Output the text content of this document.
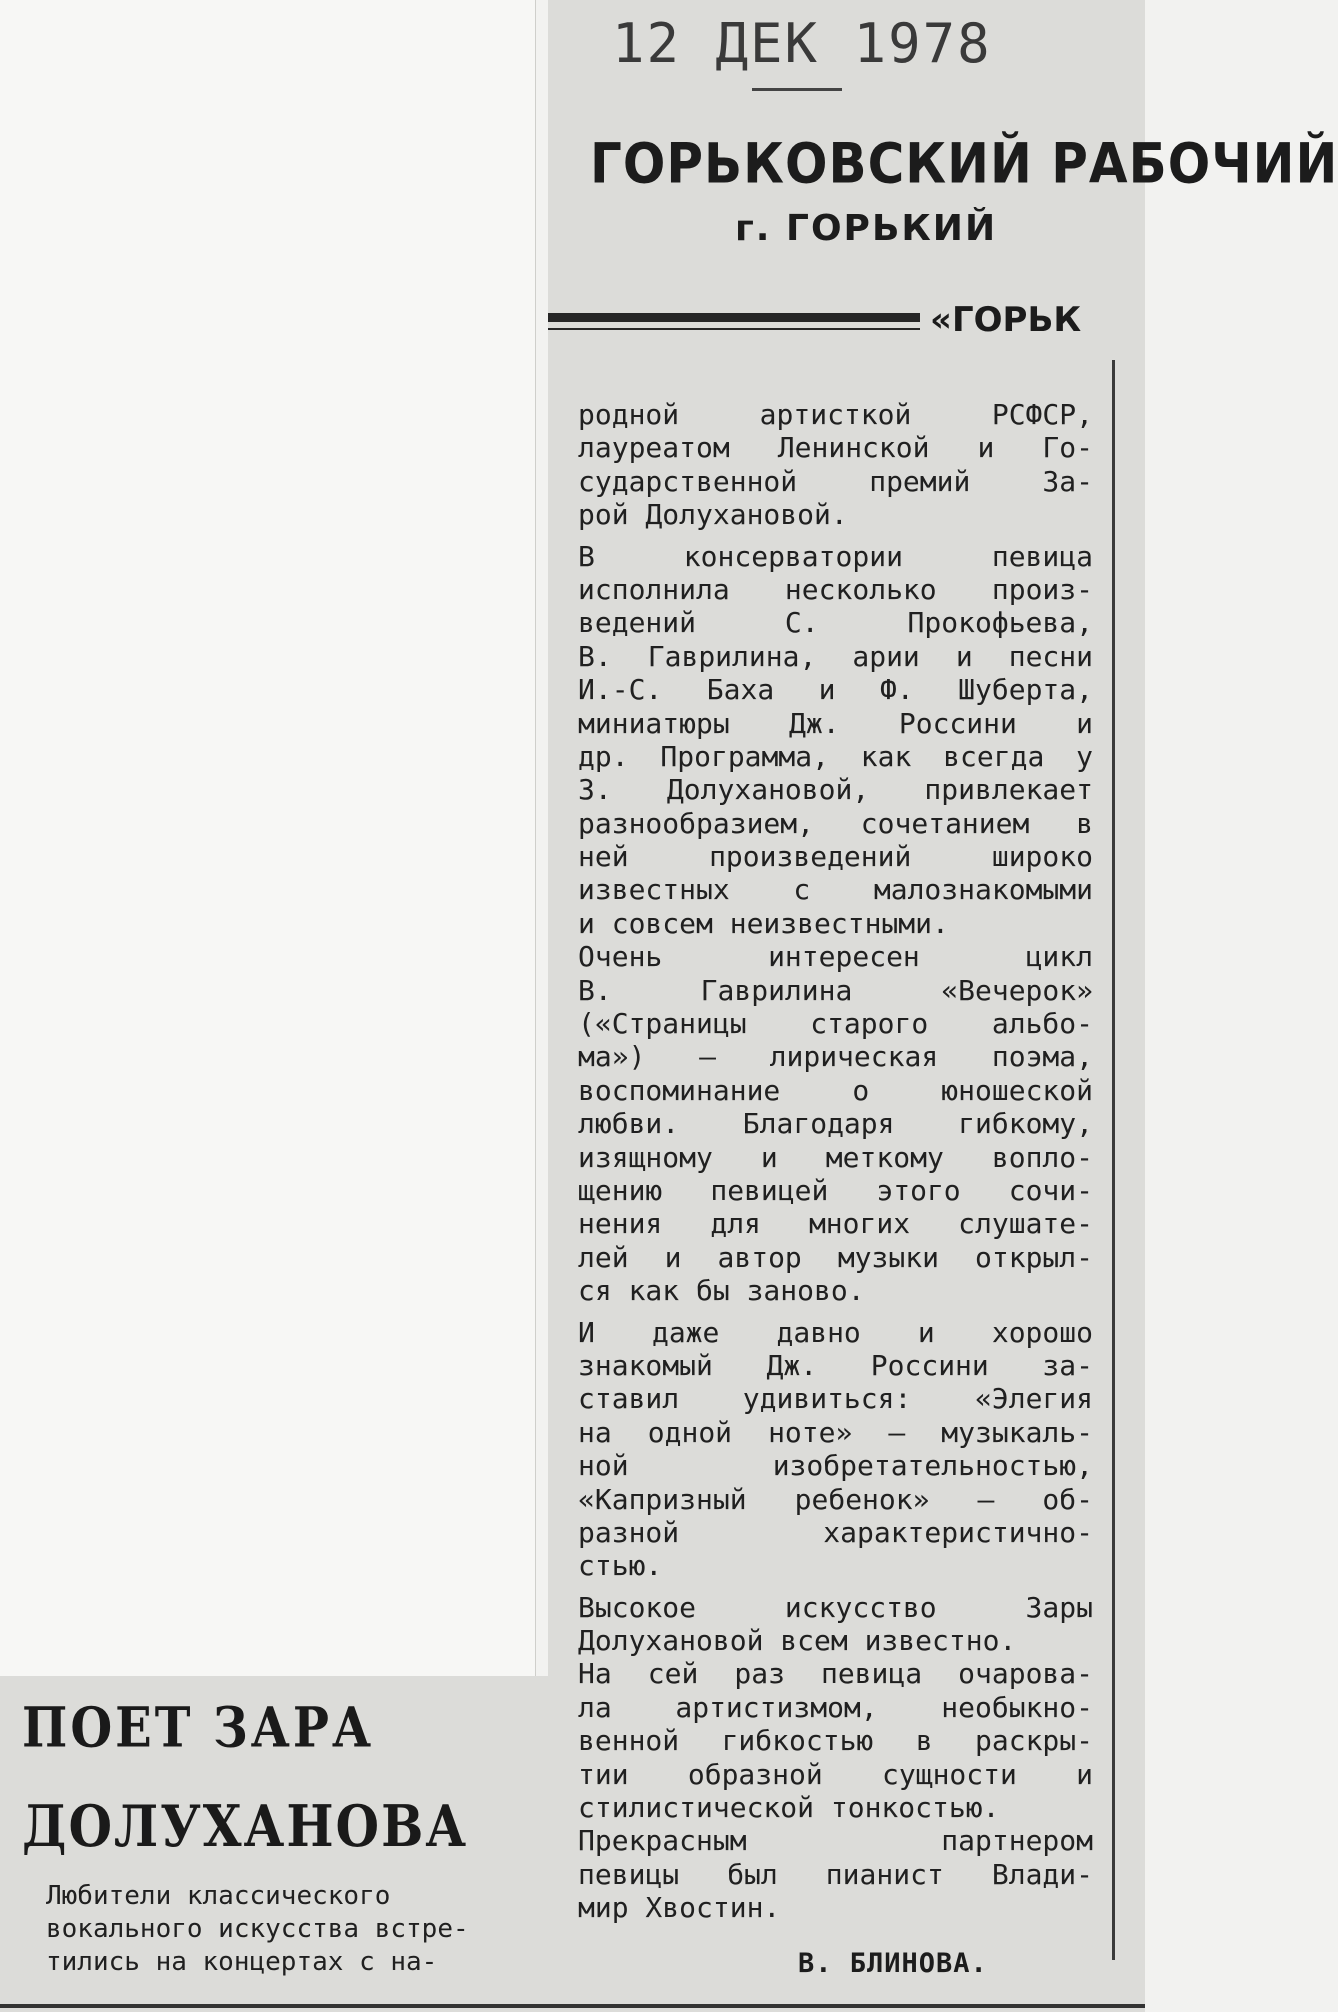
12 ДЕК 1978
ГОРЬКОВСКИЙ РАБОЧИЙ
г. ГОРЬКИЙ
«ГОРЬК
родной артисткой РСФСР,
лауреатом Ленинской и Го-
сударственной премий За-
рой Долухановой.
В консерватории певица
исполнила несколько произ-
ведений С. Прокофьева,
В. Гаврилина, арии и песни
И.-С. Баха и Ф. Шуберта,
миниатюры Дж. Россини и
др. Программа, как всегда у
З. Долухановой, привлекает
разнообразием, сочетанием в
ней произведений широко
известных с малознакомыми
и совсем неизвестными.
Очень интересен цикл
В. Гаврилина «Вечерок»
(«Страницы старого альбо-
ма») — лирическая поэма,
воспоминание о юношеской
любви. Благодаря гибкому,
изящному и меткому вопло-
щению певицей этого сочи-
нения для многих слушате-
лей и автор музыки открыл-
ся как бы заново.
И даже давно и хорошо
знакомый Дж. Россини за-
ставил удивиться: «Элегия
на одной ноте» — музыкаль-
ной изобретательностью,
«Капризный ребенок» — об-
разной характеристично-
стью.
Высокое искусство Зары
Долухановой всем известно.
На сей раз певица очарова-
ла артистизмом, необыкно-
венной гибкостью в раскры-
тии образной сущности и
стилистической тонкостью.
Прекрасным партнером
певицы был пианист Влади-
мир Хвостин.
В. БЛИНОВА.
ПОЕТ ЗАРА
ДОЛУХАНОВА
Любители классического
вокального искусства встре-
тились на концертах с на-
